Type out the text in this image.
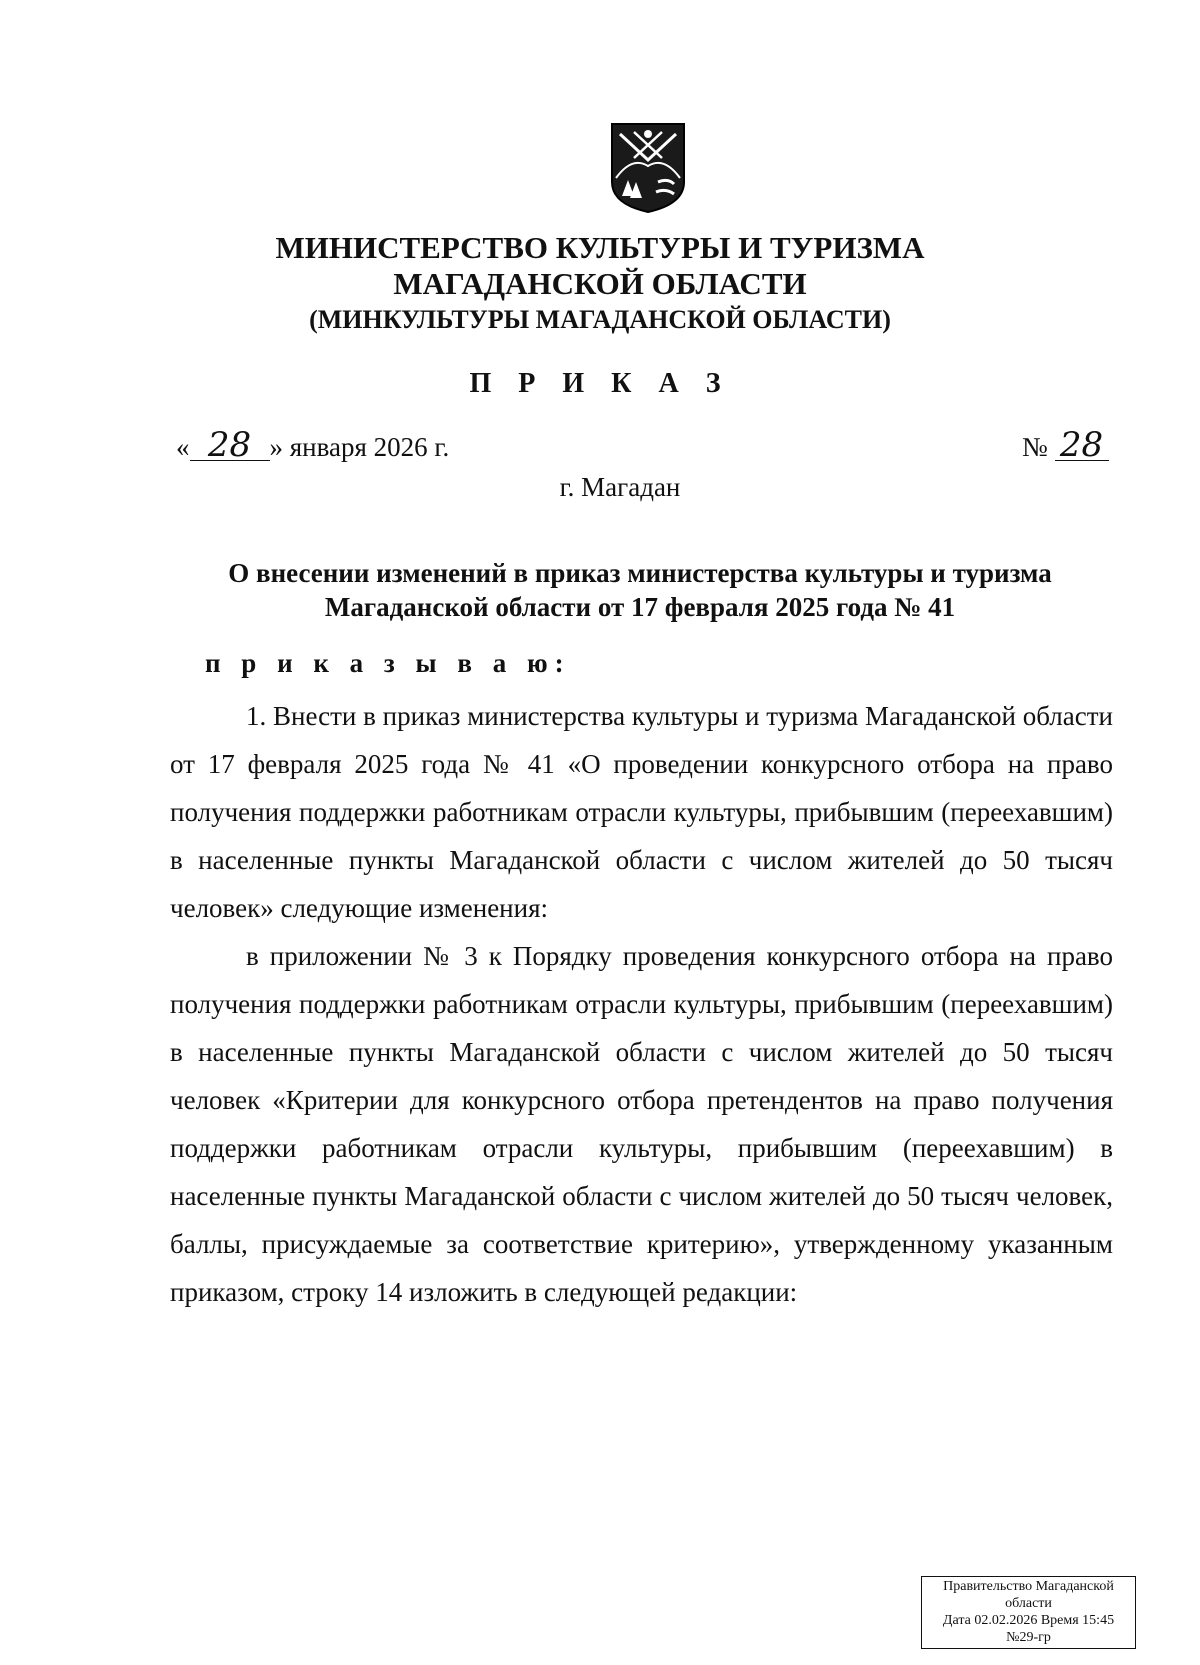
МИНИСТЕРСТВО КУЛЬТУРЫ И ТУРИЗМА
МАГАДАНСКОЙ ОБЛАСТИ
(МИНКУЛЬТУРЫ МАГАДАНСКОЙ ОБЛАСТИ)
П Р И К А З
« 28 » января 2026 г.	№ 28
г. Магадан
О внесении изменений в приказ министерства культуры и туризма
Магаданской области от 17 февраля 2025 года № 41
п р и к а з ы в а ю:

1. Внести в приказ министерства культуры и туризма Магаданской области от 17 февраля 2025 года № 41 «О проведении конкурсного отбора на право получения поддержки работникам отрасли культуры, прибывшим (переехавшим) в населенные пункты Магаданской области с числом жителей до 50 тысяч человек» следующие изменения:

в приложении № 3 к Порядку проведения конкурсного отбора на право получения поддержки работникам отрасли культуры, прибывшим (переехавшим) в населенные пункты Магаданской области с числом жителей до 50 тысяч человек «Критерии для конкурсного отбора претендентов на право получения поддержки работникам отрасли культуры, прибывшим (переехавшим) в населенные пункты Магаданской области с числом жителей до 50 тысяч человек, баллы, присуждаемые за соответствие критерию», утвержденному указанным приказом, строку 14 изложить в следующей редакции:

Правительство Магаданской
области
Дата 02.02.2026 Время 15:45
№29-гр
